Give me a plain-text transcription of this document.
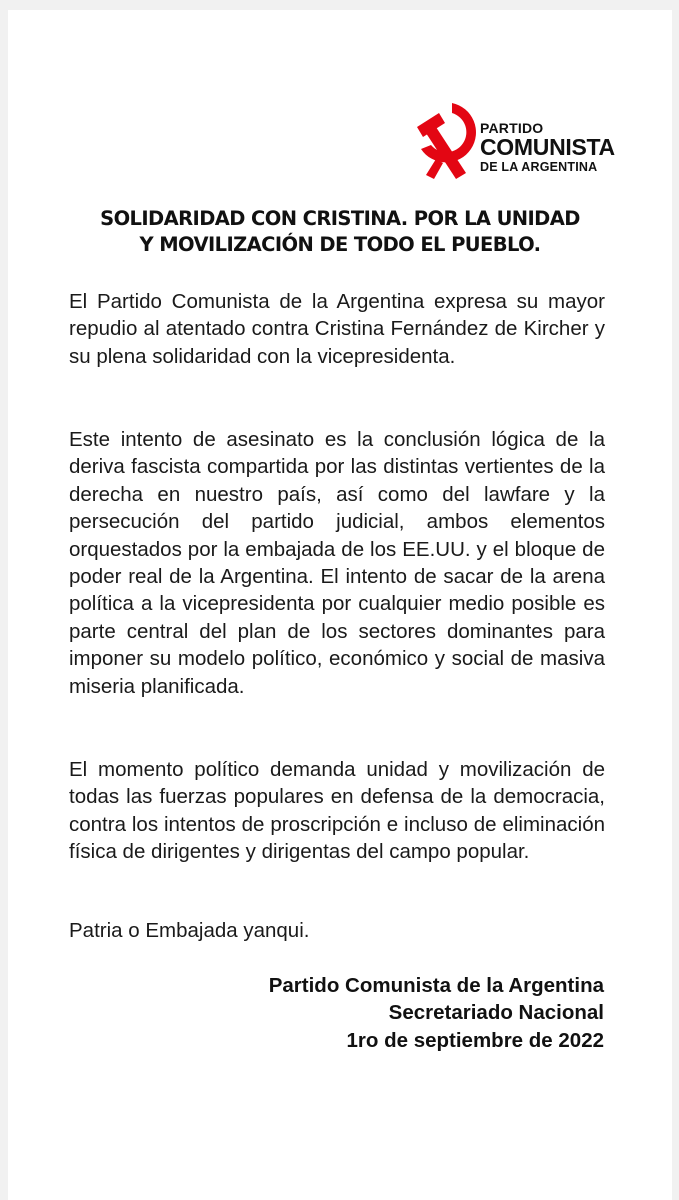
PARTIDO
COMUNISTA
DE LA ARGENTINA
SOLIDARIDAD CON CRISTINA. POR LA UNIDAD
Y MOVILIZACIÓN DE TODO EL PUEBLO.

El Partido Comunista de la Argentina expresa su mayor repudio al atentado contra Cristina Fernández de Kircher y su plena solidaridad con la vicepresidenta.

Este intento de asesinato es la conclusión lógica de la deriva fascista compartida por las distintas vertientes de la derecha en nuestro país, así como del lawfare y la persecución del partido judicial, ambos elementos orquestados por la embajada de los EE.UU. y el bloque de poder real de la Argentina. El intento de sacar de la arena política a la vicepresidenta por cualquier medio posible es parte central del plan de los sectores dominantes para imponer su modelo político, económico y social de masiva miseria planificada.

El momento político demanda unidad y movilización de todas las fuerzas populares en defensa de la democracia, contra los intentos de proscripción e incluso de eliminación física de dirigentes y dirigentas del campo popular.

Patria o Embajada yanqui.

Partido Comunista de la Argentina
Secretariado Nacional
1ro de septiembre de 2022
